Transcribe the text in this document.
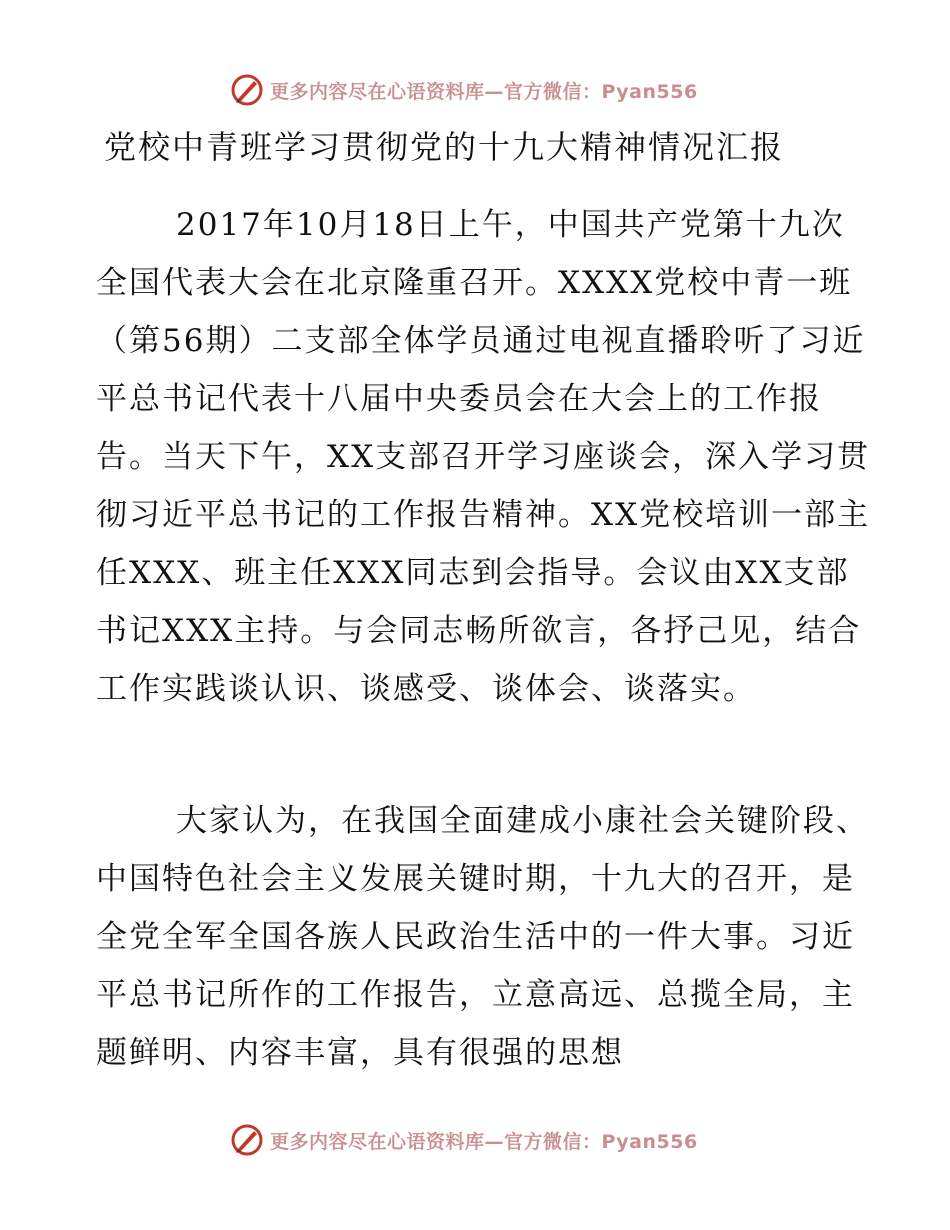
更多内容尽在心语资料库—官方微信：Pyan556
党校中青班学习贯彻党的十九大精神情况汇报

2017年10月18日上午，中国共产党第十九次全国代表大会在北京隆重召开。XXXX党校中青一班（第56期）二支部全体学员通过电视直播聆听了习近平总书记代表十八届中央委员会在大会上的工作报告。当天下午，XX支部召开学习座谈会，深入学习贯彻习近平总书记的工作报告精神。XX党校培训一部主任XXX、班主任XXX同志到会指导。会议由XX支部书记XXX主持。与会同志畅所欲言，各抒己见，结合工作实践谈认识、谈感受、谈体会、谈落实。

大家认为，在我国全面建成小康社会关键阶段、中国特色社会主义发展关键时期，十九大的召开，是全党全军全国各族人民政治生活中的一件大事。习近平总书记所作的工作报告，立意高远、总揽全局，主题鲜明、内容丰富，具有很强的思想

更多内容尽在心语资料库—官方微信：Pyan556
